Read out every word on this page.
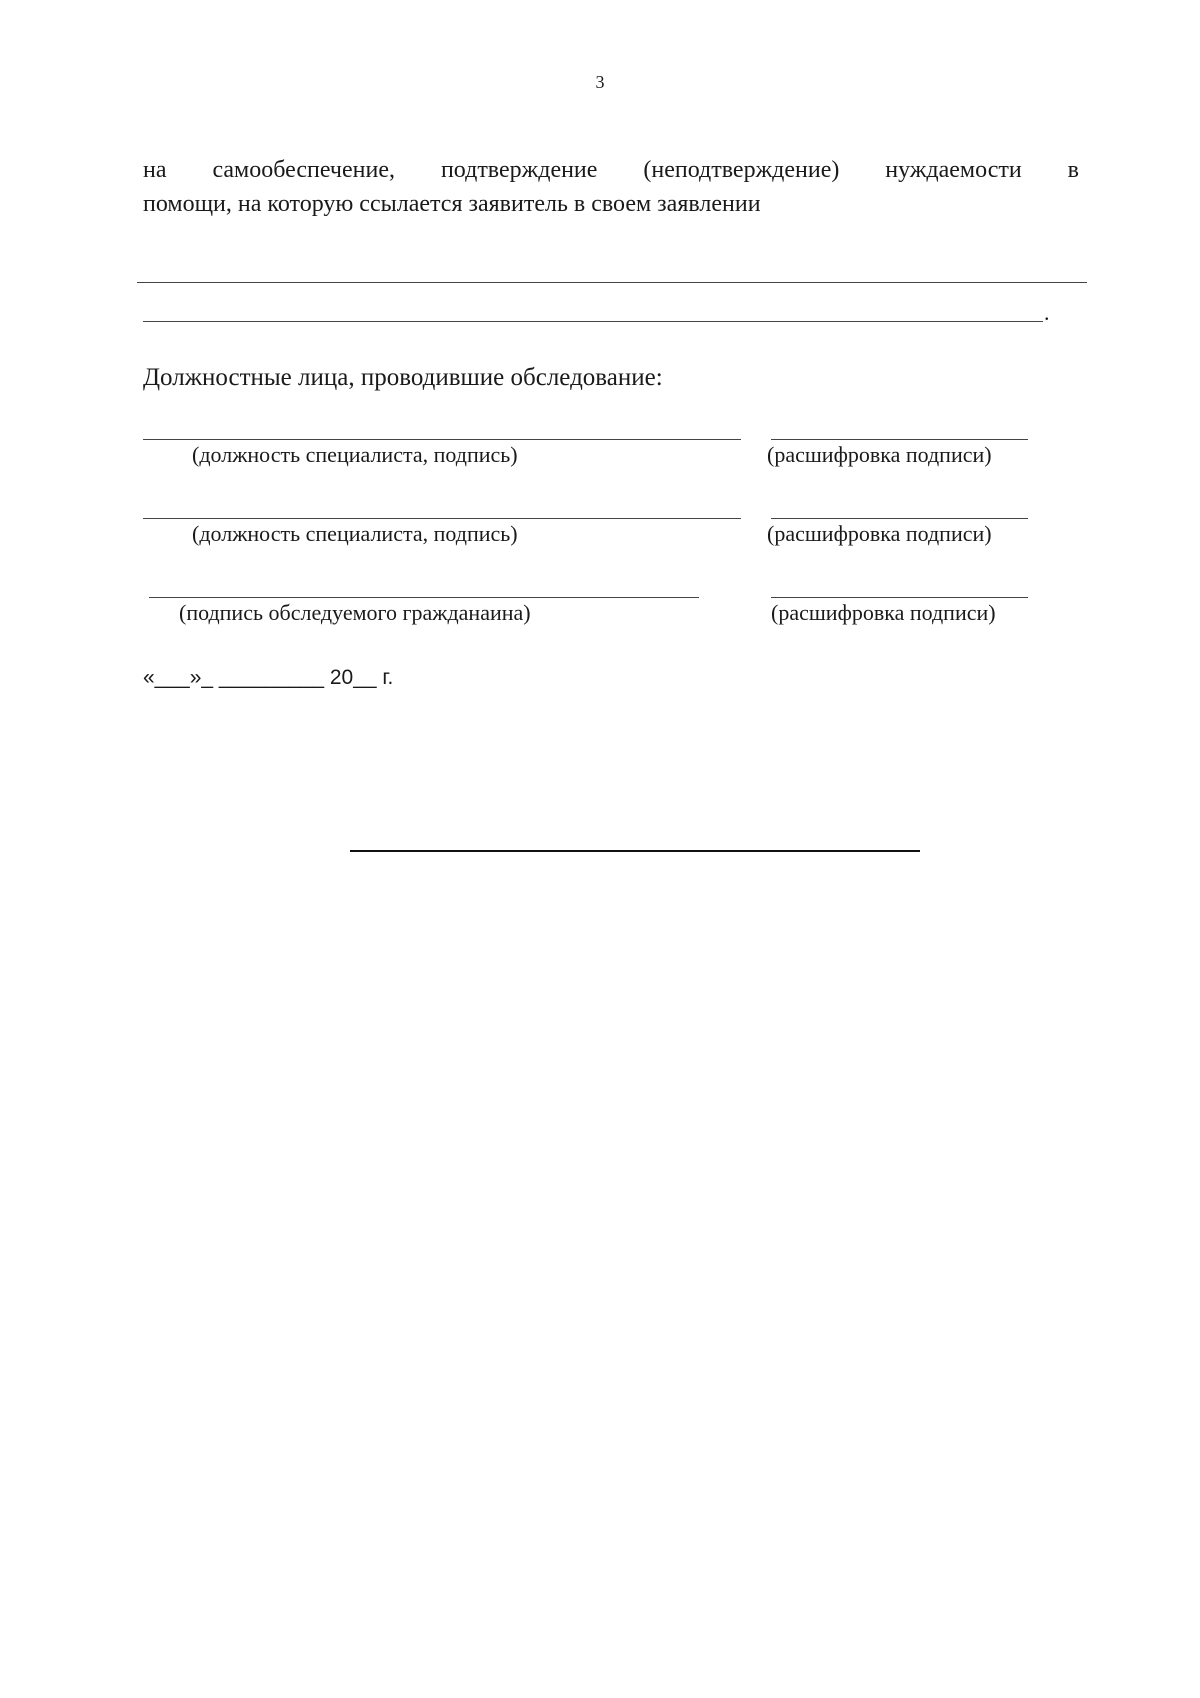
3
на самообеспечение, подтверждение (неподтверждение) нуждаемости в
помощи, на которую ссылается заявитель в своем заявлении
.
Должностные лица, проводившие обследование:
(должность специалиста, подпись)	(расшифровка подписи)
(должность специалиста, подпись)	(расшифровка подписи)
(подпись обследуемого гражданаина)	(расшифровка подписи)
«___»_ _________ 20__ г.
